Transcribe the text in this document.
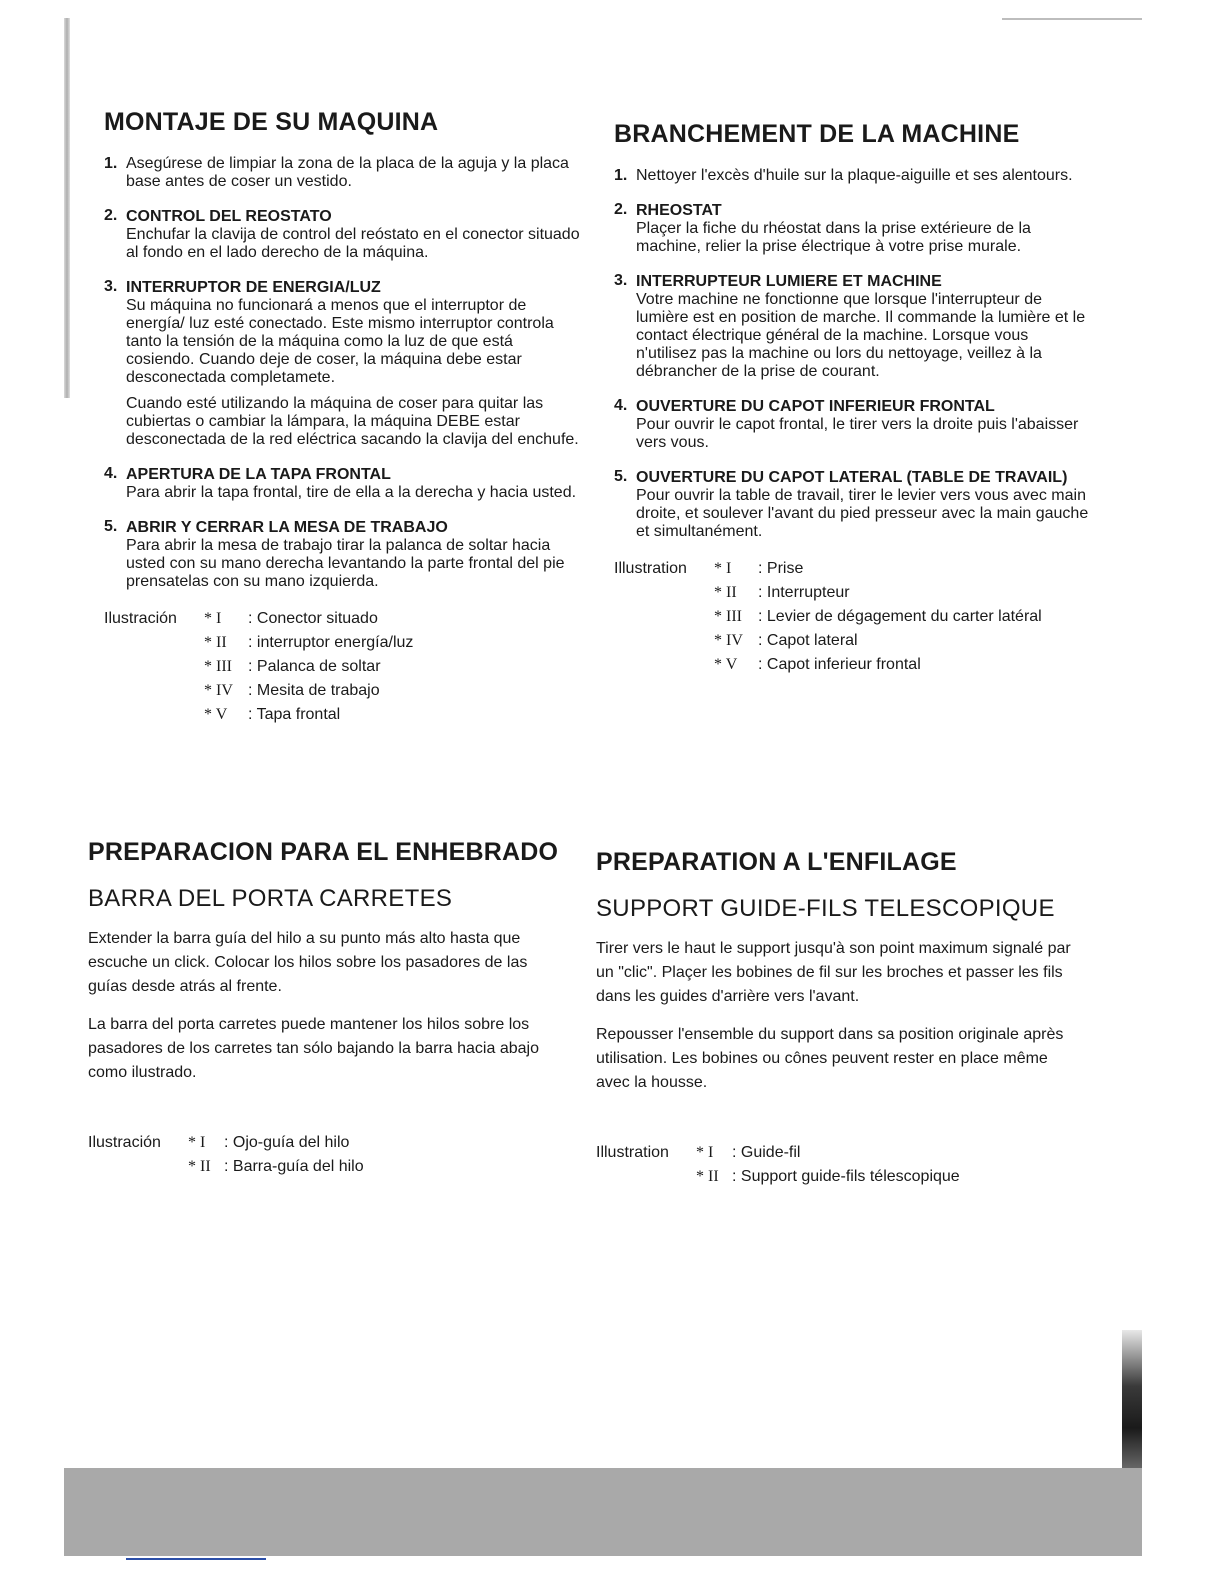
MONTAJE DE SU MAQUINA
1. Asegúrese de limpiar la zona de la placa de la aguja y la placa base antes de coser un vestido.

2. CONTROL DEL REOSTATO

Enchufar la clavija de control del reóstato en el conector situado al fondo en el lado derecho de la máquina.

3. INTERRUPTOR DE ENERGIA/LUZ

Su máquina no funcionará a menos que el interruptor de energía/ luz esté conectado. Este mismo interruptor controla tanto la tensión de la máquina como la luz de que está cosiendo. Cuando deje de coser, la máquina debe estar desconectada completamete.

Cuando esté utilizando la máquina de coser para quitar las cubiertas o cambiar la lámpara, la máquina DEBE estar desconectada de la red eléctrica sacando la clavija del enchufe.

4. APERTURA DE LA TAPA FRONTAL

Para abrir la tapa frontal, tire de ella a la derecha y hacia usted.

5. ABRIR Y CERRAR LA MESA DE TRABAJO

Para abrir la mesa de trabajo tirar la palanca de soltar hacia usted con su mano derecha levantando la parte frontal del pie prensatelas con su mano izquierda.

Ilustración	* I	: Conector situado
* II	: interruptor energía/luz
* III	: Palanca de soltar
* IV : Mesita de trabajo
* V	: Tapa frontal
BRANCHEMENT DE LA MACHINE
1. Nettoyer l'excès d'huile sur la plaque-aiguille et ses alentours.

2. RHEOSTAT

Plaçer la fiche du rhéostat dans la prise extérieure de la machine, relier la prise électrique à votre prise murale.

3. INTERRUPTEUR LUMIERE ET MACHINE

Votre machine ne fonctionne que lorsque l'interrupteur de lumière est en position de marche. Il commande la lumière et le contact électrique général de la machine. Lorsque vous n'utilisez pas la machine ou lors du nettoyage, veillez à la débrancher de la prise de courant.

4. OUVERTURE DU CAPOT INFERIEUR FRONTAL

Pour ouvrir le capot frontal, le tirer vers la droite puis l'abaisser vers vous.

5. OUVERTURE DU CAPOT LATERAL (TABLE DE TRAVAIL)

Pour ouvrir la table de travail, tirer le levier vers vous avec main droite, et soulever l'avant du pied presseur avec la main gauche et simultanément.

Illustration	* I	: Prise
* II	: Interrupteur
* III	: Levier de dégagement du carter latéral
* IV : Capot lateral
* V	: Capot inferieur frontal
PREPARACION PARA EL ENHEBRADO
BARRA DEL PORTA CARRETES

Extender la barra guía del hilo a su punto más alto hasta que escuche un click. Colocar los hilos sobre los pasadores de las guías desde atrás al frente.

La barra del porta carretes puede mantener los hilos sobre los pasadores de los carretes tan sólo bajando la barra hacia abajo como ilustrado.

Ilustración	* I	: Ojo-guía del hilo
* II : Barra-guía del hilo
PREPARATION A L'ENFILAGE
SUPPORT GUIDE-FILS TELESCOPIQUE

Tirer vers le haut le support jusqu'à son point maximum signalé par un "clic". Plaçer les bobines de fil sur les broches et passer les fils dans les guides d'arrière vers l'avant.

Repousser l'ensemble du support dans sa position originale après utilisation. Les bobines ou cônes peuvent rester en place même avec la housse.

Illustration	* I	: Guide-fil
* II : Support guide-fils télescopique
